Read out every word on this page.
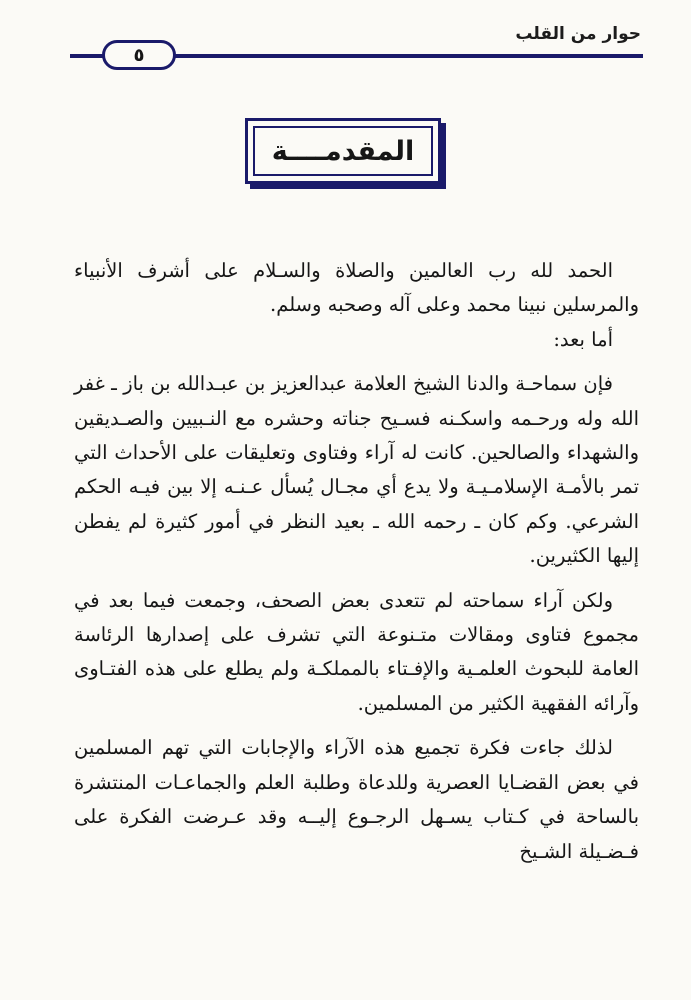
حوار من القلب
٥
المقدمــــة

الحمد لله رب العالمين والصلاة والسـلام على أشرف الأنبياء والمرسلين نبينا محمد وعلى آله وصحبه وسلم.

أما بعد:

فإن سماحـة والدنا الشيخ العلامة عبدالعزيز بن عبـدالله بن باز ـ غفر الله وله ورحـمه واسكـنه فسـيح جناته وحشره مع النـبيين والصـديقين والشهداء والصالحين. كانت له آراء وفتاوى وتعليقات على الأحداث التي تمر بالأمـة الإسلامـيـة ولا يدع أي مجـال يُسأل عـنـه إلا بين فيـه الحكم الشرعي. وكم كان ـ رحمه الله ـ بعيد النظر في أمور كثيرة لم يفطن إليها الكثيرين.

ولكن آراء سماحته لم تتعدى بعض الصحف، وجمعت فيما بعد في مجموع فتاوى ومقالات متـنوعة التي تشرف على إصدارها الرئاسة العامة للبحوث العلمـية والإفـتاء بالمملكـة ولم يطلع على هذه الفتـاوى وآرائه الفقهية الكثير من المسلمين.

لذلك جاءت فكرة تجميع هذه الآراء والإجابات التي تهم المسلمين في بعض القضـايا العصرية وللدعاة وطلبة العلم والجماعـات المنتشرة بالساحة في كـتاب يسـهل الرجـوع إليــه وقد عـرضت الفكرة على فـضـيلة الشـيخ
